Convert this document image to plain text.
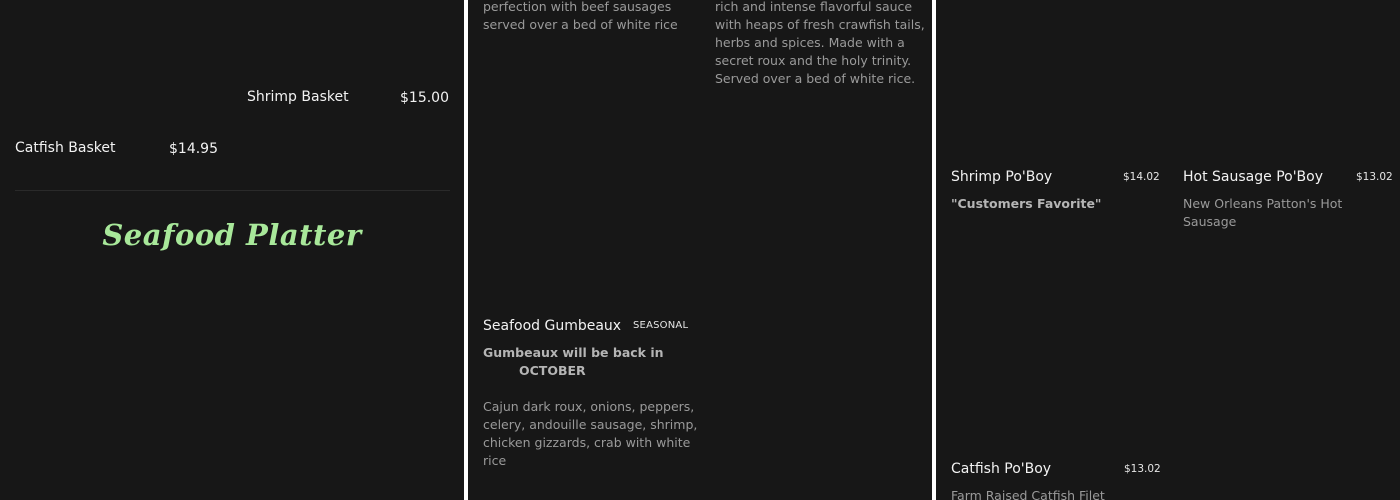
Shrimp Basket	$15.00
Catfish Basket	$14.95
Seafood Platter
perfection with beef sausages
served over a bed of white rice
rich and intense flavorful sauce
with heaps of fresh crawfish tails,
herbs and spices. Made with a
secret roux and the holy trinity.
Served over a bed of white rice.
Seafood Gumbeaux SEASONAL
Gumbeaux will be back in
OCTOBER
Cajun dark roux, onions, peppers,
celery, andouille sausage, shrimp,
chicken gizzards, crab with white
rice
Shrimp Po'Boy	$14.02
"Customers Favorite"
Hot Sausage Po'Boy	$13.02
New Orleans Patton's Hot
Sausage
Catfish Po'Boy	$13.02
Farm Raised Catfish Filet
